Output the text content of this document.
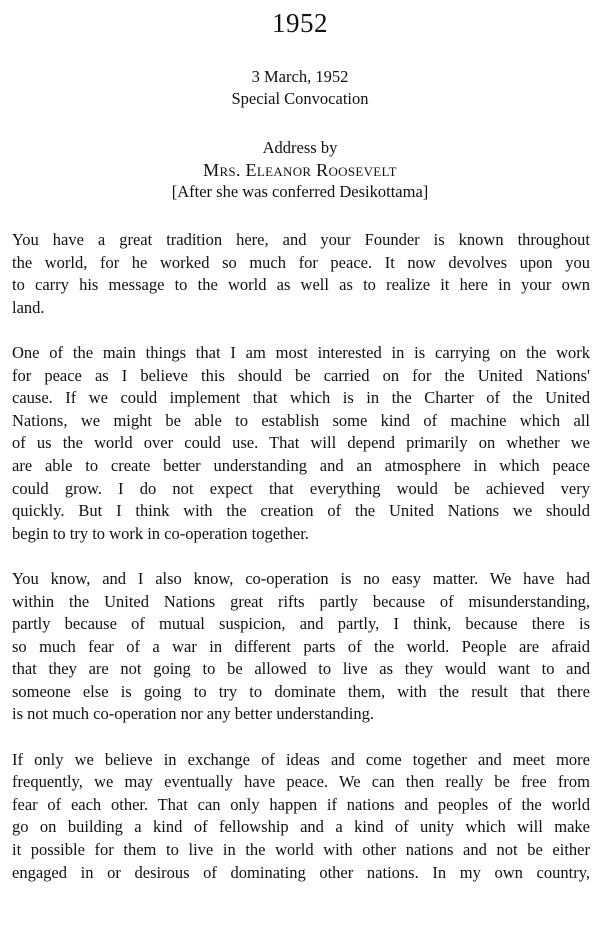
1952
3 March, 1952
Special Convocation
Address by
Mrs. Eleanor Roosevelt
[After she was conferred Desikottama]

You have a great tradition here, and your Founder is known throughout
the world, for he worked so much for peace. It now devolves upon you
to carry his message to the world as well as to realize it here in your own
land.

One of the main things that I am most interested in is carrying on the work
for peace as I believe this should be carried on for the United Nations'
cause. If we could implement that which is in the Charter of the United
Nations, we might be able to establish some kind of machine which all
of us the world over could use. That will depend primarily on whether we
are able to create better understanding and an atmosphere in which peace
could grow. I do not expect that everything would be achieved very
quickly. But I think with the creation of the United Nations we should
begin to try to work in co-operation together.

You know, and I also know, co-operation is no easy matter. We have had
within the United Nations great rifts partly because of misunderstanding,
partly because of mutual suspicion, and partly, I think, because there is
so much fear of a war in different parts of the world. People are afraid
that they are not going to be allowed to live as they would want to and
someone else is going to try to dominate them, with the result that there
is not much co-operation nor any better understanding.

If only we believe in exchange of ideas and come together and meet more
frequently, we may eventually have peace. We can then really be free from
fear of each other. That can only happen if nations and peoples of the world
go on building a kind of fellowship and a kind of unity which will make
it possible for them to live in the world with other nations and not be either
engaged in or desirous of dominating other nations. In my own country,
